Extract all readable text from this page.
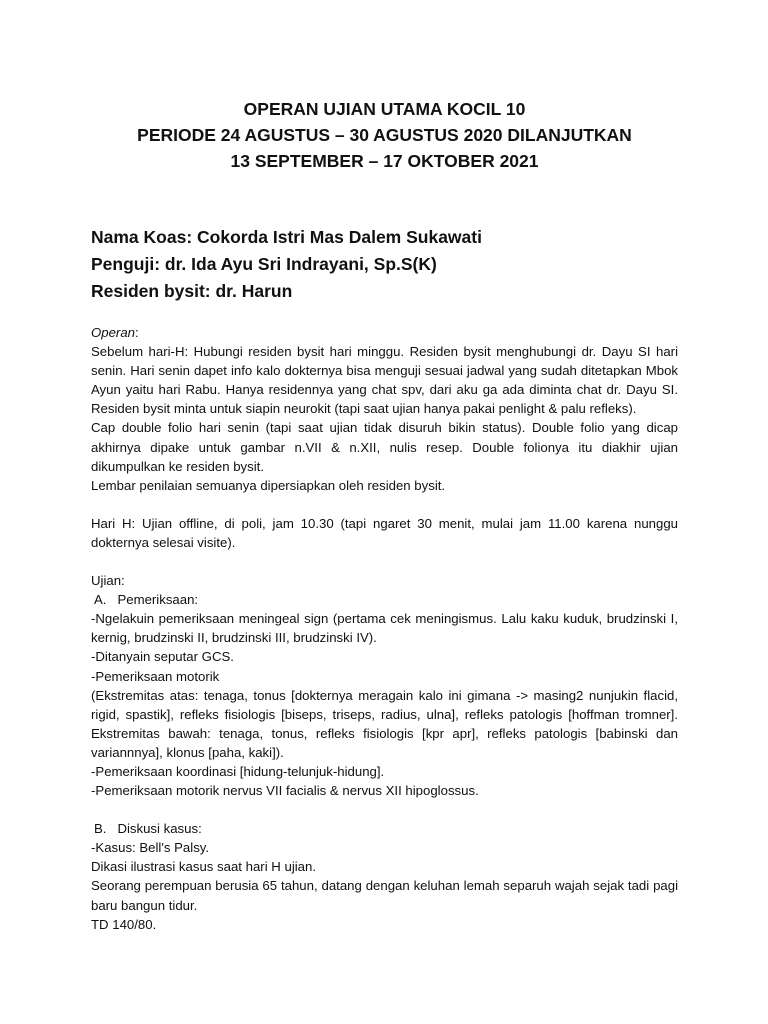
OPERAN UJIAN UTAMA KOCIL 10

PERIODE 24 AGUSTUS – 30 AGUSTUS 2020 DILANJUTKAN

13 SEPTEMBER – 17 OKTOBER 2021

Nama Koas: Cokorda Istri Mas Dalem Sukawati

Penguji: dr. Ida Ayu Sri Indrayani, Sp.S(K)

Residen bysit: dr. Harun

Operan:

Sebelum hari-H: Hubungi residen bysit hari minggu. Residen bysit menghubungi dr. Dayu SI hari senin. Hari senin dapet info kalo dokternya bisa menguji sesuai jadwal yang sudah ditetapkan Mbok Ayun yaitu hari Rabu. Hanya residennya yang chat spv, dari aku ga ada diminta chat dr. Dayu SI. Residen bysit minta untuk siapin neurokit (tapi saat ujian hanya pakai penlight & palu refleks).

Cap double folio hari senin (tapi saat ujian tidak disuruh bikin status). Double folio yang dicap akhirnya dipake untuk gambar n.VII & n.XII, nulis resep. Double folionya itu diakhir ujian dikumpulkan ke residen bysit.

Lembar penilaian semuanya dipersiapkan oleh residen bysit.

Hari H: Ujian offline, di poli, jam 10.30 (tapi ngaret 30 menit, mulai jam 11.00 karena nunggu dokternya selesai visite).

Ujian:

A.   Pemeriksaan:

-Ngelakuin pemeriksaan meningeal sign (pertama cek meningismus. Lalu kaku kuduk, brudzinski I, kernig, brudzinski II, brudzinski III, brudzinski IV).

-Ditanyain seputar GCS.

-Pemeriksaan motorik

(Ekstremitas atas: tenaga, tonus [dokternya meragain kalo ini gimana -> masing2 nunjukin flacid, rigid, spastik], refleks fisiologis [biseps, triseps, radius, ulna], refleks patologis [hoffman tromner]. Ekstremitas bawah: tenaga, tonus, refleks fisiologis [kpr apr], refleks patologis [babinski dan variannnya], klonus [paha, kaki]).

-Pemeriksaan koordinasi [hidung-telunjuk-hidung].

-Pemeriksaan motorik nervus VII facialis & nervus XII hipoglossus.

B.   Diskusi kasus:

-Kasus: Bell's Palsy.

Dikasi ilustrasi kasus saat hari H ujian.

Seorang perempuan berusia 65 tahun, datang dengan keluhan lemah separuh wajah sejak tadi pagi baru bangun tidur.

TD 140/80.
